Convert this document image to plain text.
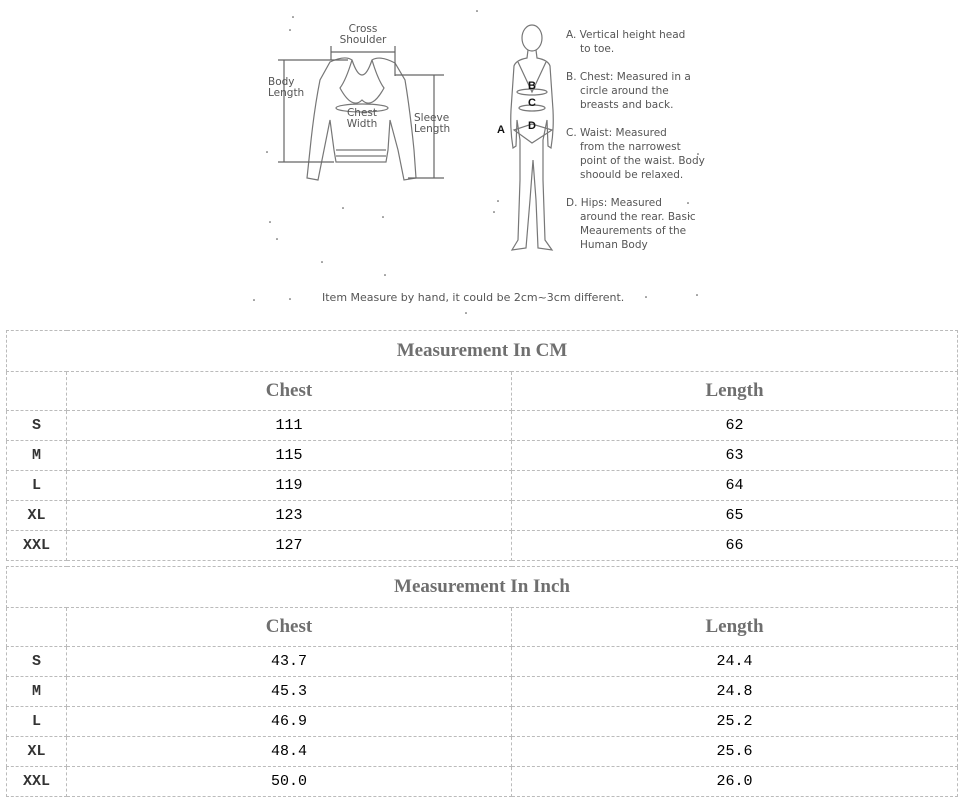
Cross
Shoulder
Body
Length
Chest
Width	Sleeve
Length	A
B
C
D
A. Vertical height head
to toe.
B. Chest: Measured in a
circle around the breasts and back.
C. Waist: Measured
from the narrowest point of the waist. Body shoould be relaxed.
D. Hips: Measured
around the rear. Basic Meaurements of the Human Body
Item Measure by hand, it could be 2cm~3cm different.
Measurement In CM		
	Chest	Length
S	111	62
M	115	63
L	119	64
XL	123	65
XXL	127	66
Measurement In Inch		
	Chest	Length
S	43.7	24.4
M	45.3	24.8
L	46.9	25.2
XL	48.4	25.6
XXL	50.0	26.0
